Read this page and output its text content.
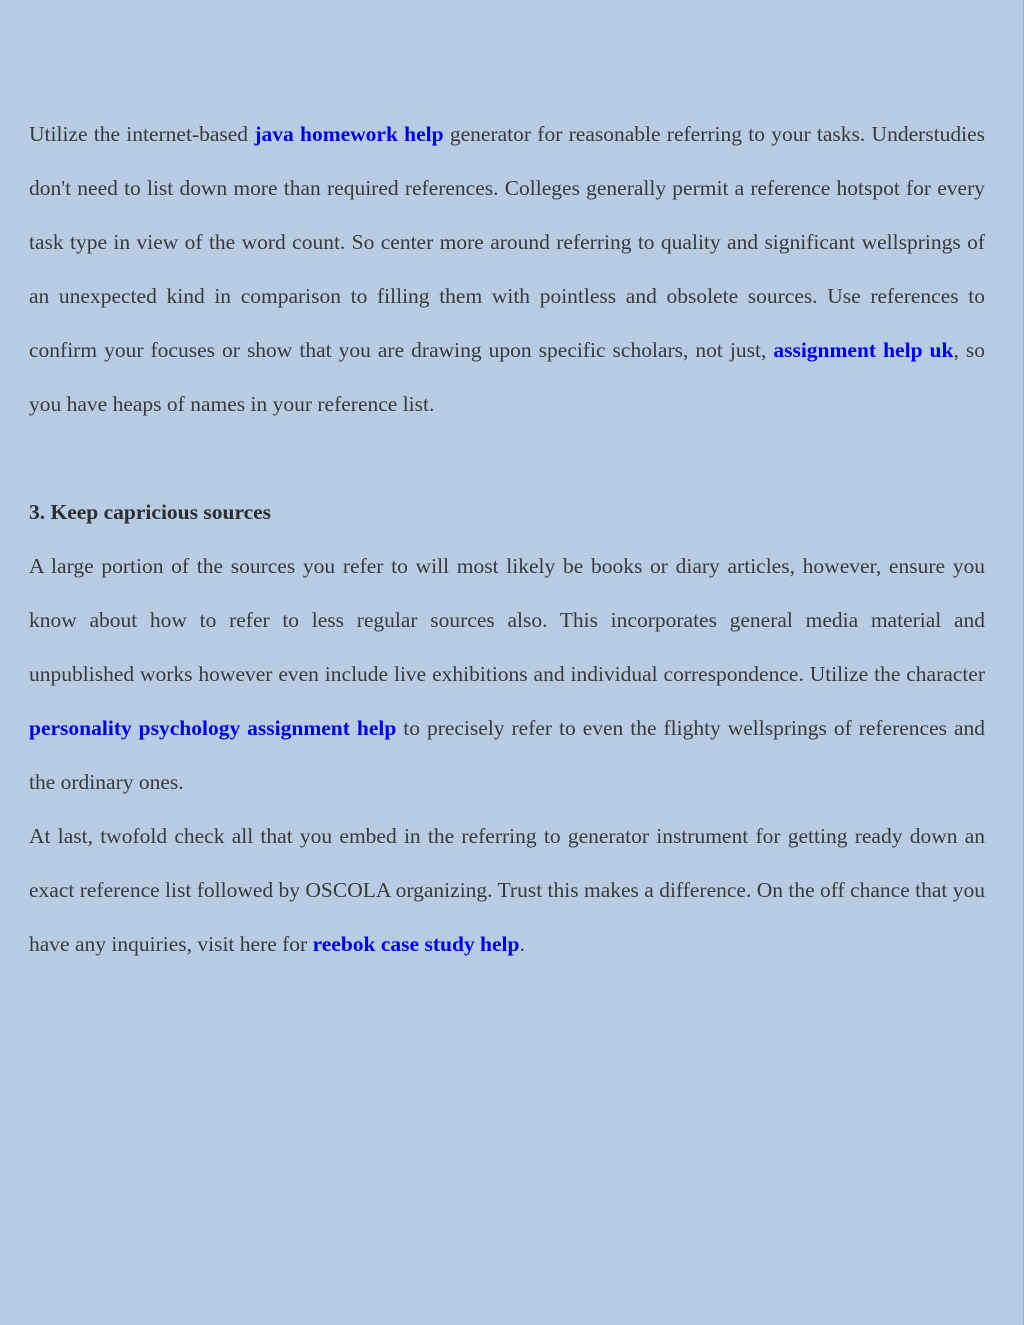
Utilize the internet-based java homework help generator for reasonable referring to your tasks. Understudies don't need to list down more than required references. Colleges generally permit a reference hotspot for every task type in view of the word count. So center more around referring to quality and significant wellsprings of an unexpected kind in comparison to filling them with pointless and obsolete sources. Use references to confirm your focuses or show that you are drawing upon specific scholars, not just, assignment help uk, so you have heaps of names in your reference list.

3. Keep capricious sources

A large portion of the sources you refer to will most likely be books or diary articles, however, ensure you know about how to refer to less regular sources also. This incorporates general media material and unpublished works however even include live exhibitions and individual correspondence. Utilize the character personality psychology assignment help to precisely refer to even the flighty wellsprings of references and the ordinary ones.

At last, twofold check all that you embed in the referring to generator instrument for getting ready down an exact reference list followed by OSCOLA organizing. Trust this makes a difference. On the off chance that you have any inquiries, visit here for reebok case study help.
